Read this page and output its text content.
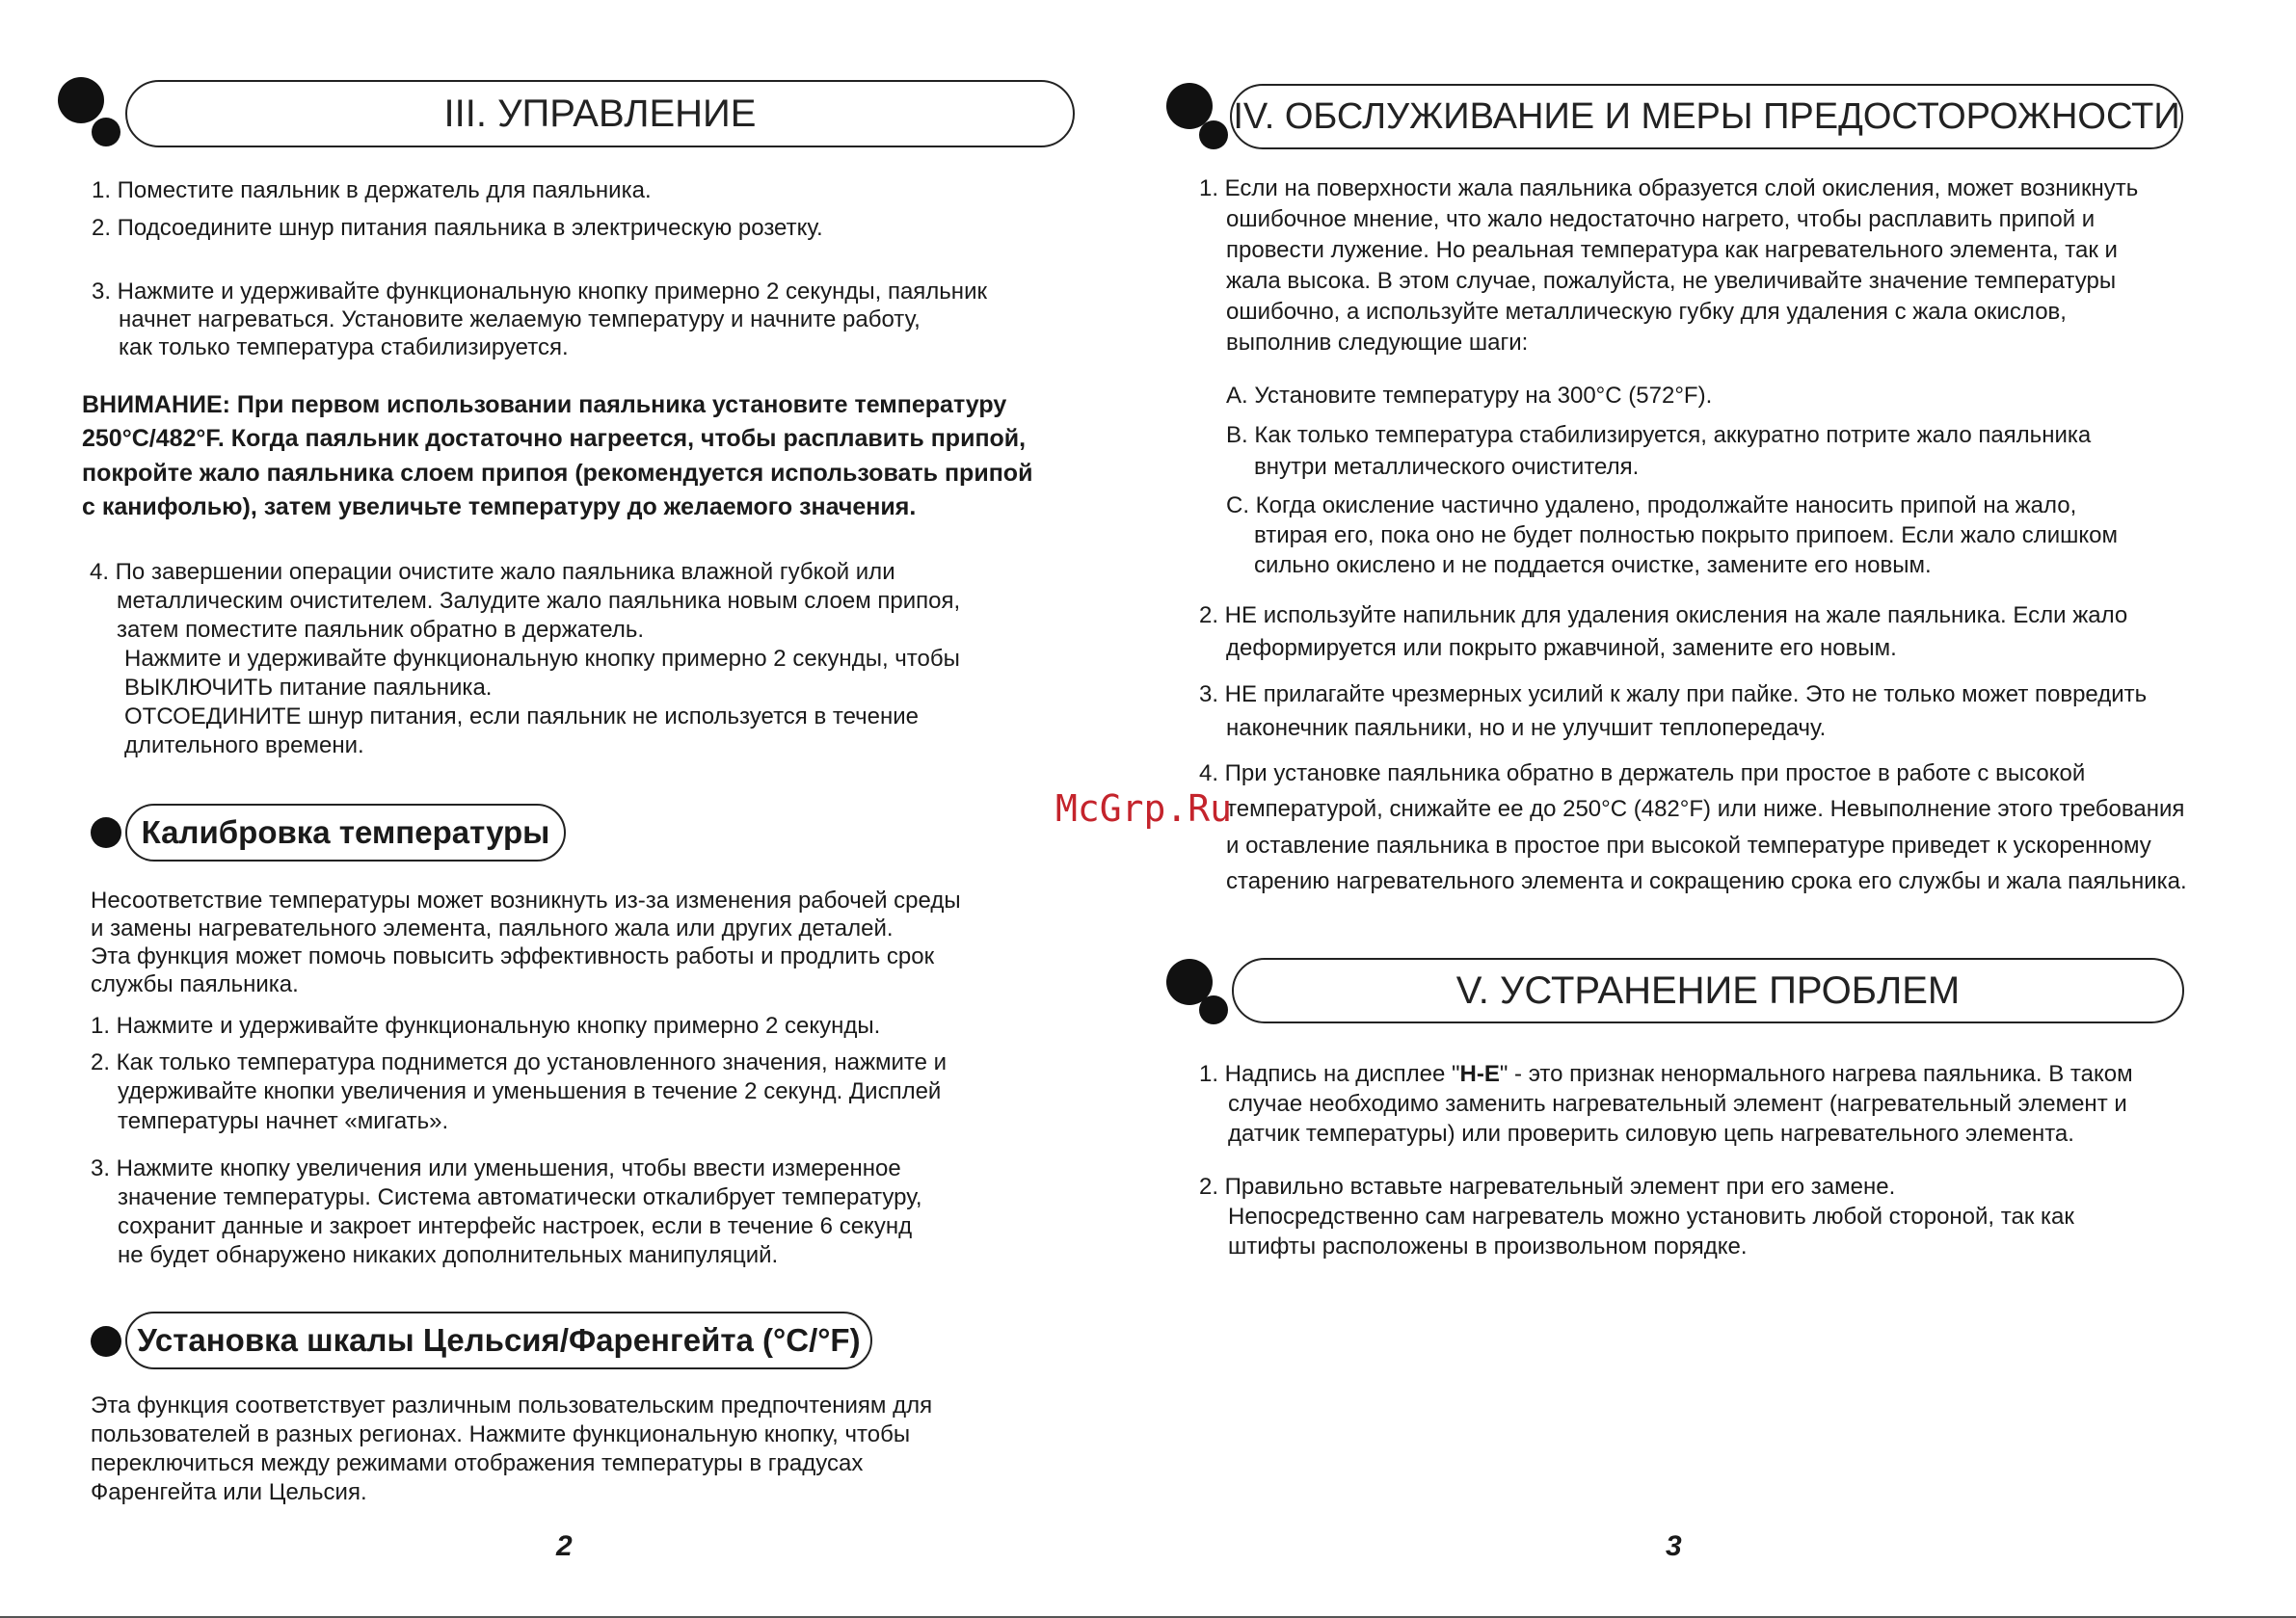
III. УПРАВЛЕНИЕ
1. Поместите паяльник в держатель для паяльника.
2. Подсоедините шнур питания паяльника в электрическую розетку.
3. Нажмите и удерживайте функциональную кнопку примерно 2 секунды, паяльник
начнет нагреваться. Установите желаемую температуру и начните работу,
как только температура стабилизируется.
ВНИМАНИЕ: При первом использовании паяльника установите температуру
250°C/482°F. Когда паяльник достаточно нагреется, чтобы расплавить припой,
покройте жало паяльника слоем припоя (рекомендуется использовать припой
с канифолью), затем увеличьте температуру до желаемого значения.
4. По завершении операции очистите жало паяльника влажной губкой или
металлическим очистителем. Залудите жало паяльника новым слоем припоя,
затем поместите паяльник обратно в держатель.
Нажмите и удерживайте функциональную кнопку примерно 2 секунды, чтобы
ВЫКЛЮЧИТЬ питание паяльника.
ОТСОЕДИНИТЕ шнур питания, если паяльник не используется в течение
длительного времени.
Калибровка температуры
Несоответствие температуры может возникнуть из-за изменения рабочей среды
и замены нагревательного элемента, паяльного жала или других деталей.
Эта функция может помочь повысить эффективность работы и продлить срок
службы паяльника.
1. Нажмите и удерживайте функциональную кнопку примерно 2 секунды.
2. Как только температура поднимется до установленного значения, нажмите и
удерживайте кнопки увеличения и уменьшения в течение 2 секунд. Дисплей
температуры начнет «мигать».
3. Нажмите кнопку увеличения или уменьшения, чтобы ввести измеренное
значение температуры. Система автоматически откалибрует температуру,
сохранит данные и закроет интерфейс настроек, если в течение 6 секунд
не будет обнаружено никаких дополнительных манипуляций.
Установка шкалы Цельсия/Фаренгейта (°C/°F)
Эта функция соответствует различным пользовательским предпочтениям для
пользователей в разных регионах. Нажмите функциональную кнопку, чтобы
переключиться между режимами отображения температуры в градусах
Фаренгейта или Цельсия.
2
IV. ОБСЛУЖИВАНИЕ И МЕРЫ ПРЕДОСТОРОЖНОСТИ
1. Если на поверхности жала паяльника образуется слой окисления, может возникнуть
ошибочное мнение, что жало недостаточно нагрето, чтобы расплавить припой и
провести лужение. Но реальная температура как нагревательного элемента, так и
жала высока. В этом случае, пожалуйста, не увеличивайте значение температуры
ошибочно, а используйте металлическую губку для удаления с жала окислов,
выполнив следующие шаги:
A. Установите температуру на 300°C (572°F).
B. Как только температура стабилизируется, аккуратно потрите жало паяльника
внутри металлического очистителя.
C. Когда окисление частично удалено, продолжайте наносить припой на жало,
втирая его, пока оно не будет полностью покрыто припоем. Если жало слишком
сильно окислено и не поддается очистке, замените его новым.
2. НЕ используйте напильник для удаления окисления на жале паяльника. Если жало
деформируется или покрыто ржавчиной, замените его новым.
3. НЕ прилагайте чрезмерных усилий к жалу при пайке. Это не только может повредить
наконечник паяльники, но и не улучшит теплопередачу.
4. При установке паяльника обратно в держатель при простое в работе с высокой
температурой, снижайте ее до 250°C (482°F) или ниже. Невыполнение этого требования
и оставление паяльника в простое при высокой температуре приведет к ускоренному
старению нагревательного элемента и сокращению срока его службы и жала паяльника.
V. УСТРАНЕНИЕ ПРОБЛЕМ
1. Надпись на дисплее "H-E" - это признак ненормального нагрева паяльника. В таком
случае необходимо заменить нагревательный элемент (нагревательный элемент и
датчик температуры) или проверить силовую цепь нагревательного элемента.
2. Правильно вставьте нагревательный элемент при его замене.
Непосредственно сам нагреватель можно установить любой стороной, так как
штифты расположены в произвольном порядке.
3
McGrp.Ru
